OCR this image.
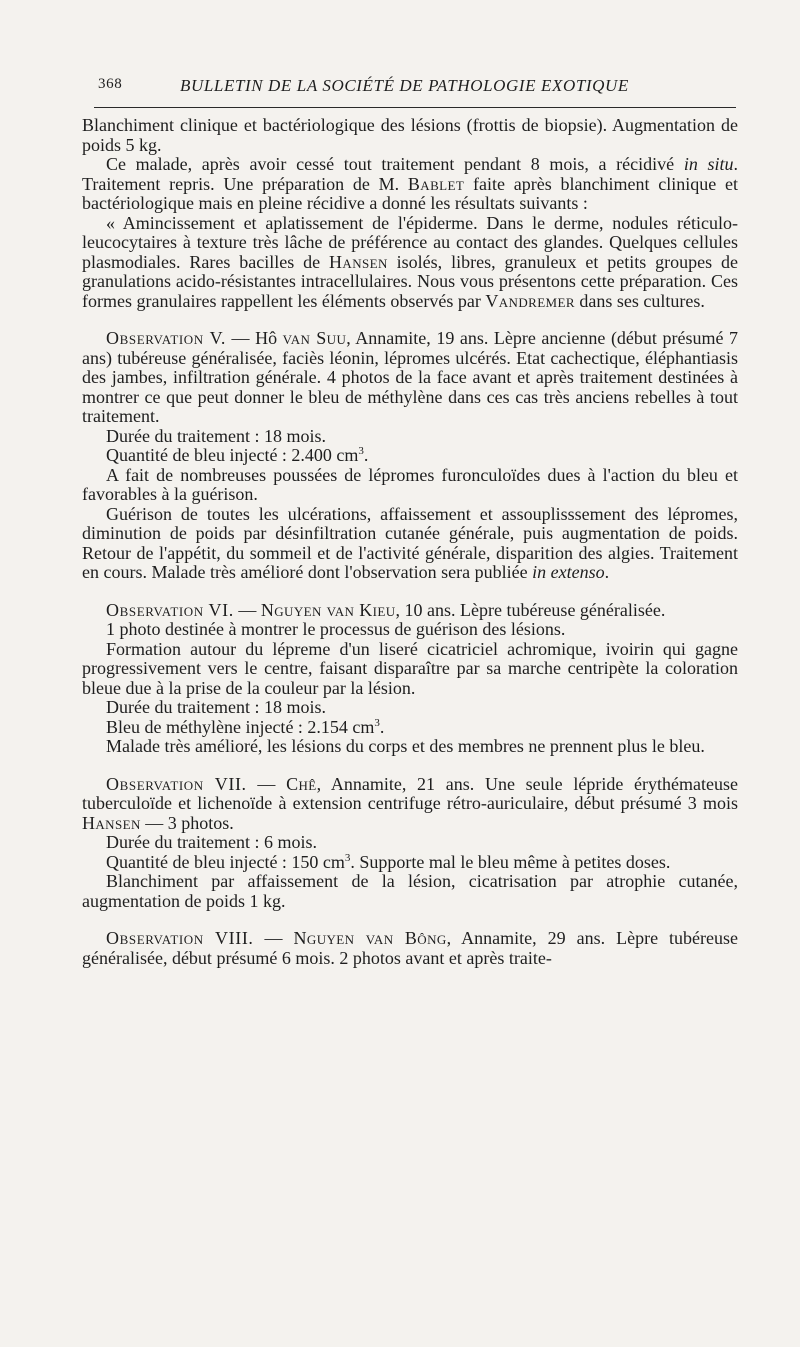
368	BULLETIN DE LA SOCIÉTÉ DE PATHOLOGIE EXOTIQUE

Blanchiment clinique et bactériologique des lésions (frottis de biopsie). Augmentation de poids 5 kg.

Ce malade, après avoir cessé tout traitement pendant 8 mois, a récidivé in situ. Traitement repris. Une préparation de M. Bablet faite après blanchiment clinique et bactériologique mais en pleine récidive a donné les résultats suivants :

« Amincissement et aplatissement de l'épiderme. Dans le derme, nodules réticulo-leucocytaires à texture très lâche de préférence au contact des glandes. Quelques cellules plasmodiales. Rares bacilles de Hansen isolés, libres, granuleux et petits groupes de granulations acido-résistantes intracellulaires. Nous vous présentons cette préparation. Ces formes granulaires rappellent les éléments observés par Vandremer dans ses cultures.

Observation V. — Hô van Suu, Annamite, 19 ans. Lèpre ancienne (début présumé 7 ans) tubéreuse généralisée, faciès léonin, lépromes ulcérés. Etat cachectique, éléphantiasis des jambes, infiltration générale. 4 photos de la face avant et après traitement destinées à montrer ce que peut donner le bleu de méthylène dans ces cas très anciens rebelles à tout traitement.

Durée du traitement : 18 mois.

Quantité de bleu injecté : 2.400 $cm^3$.

A fait de nombreuses poussées de lépromes furonculoïdes dues à l'action du bleu et favorables à la guérison.

Guérison de toutes les ulcérations, affaissement et assouplisssement des lépromes, diminution de poids par désinfiltration cutanée générale, puis augmentation de poids. Retour de l'appétit, du sommeil et de l'activité générale, disparition des algies. Traitement en cours. Malade très amélioré dont l'observation sera publiée in extenso.

Observation VI. — Nguyen van Kieu, 10 ans. Lèpre tubéreuse généralisée.

1 photo destinée à montrer le processus de guérison des lésions.

Formation autour du lépreme d'un liseré cicatriciel achromique, ivoirin qui gagne progressivement vers le centre, faisant disparaître par sa marche centripète la coloration bleue due à la prise de la couleur par la lésion.

Durée du traitement : 18 mois.

Bleu de méthylène injecté : 2.154 $cm^3$.

Malade très amélioré, les lésions du corps et des membres ne prennent plus le bleu.

Observation VII. — Chê, Annamite, 21 ans. Une seule lépride érythémateuse tuberculoïde et lichenoïde à extension centrifuge rétro-auriculaire, début présumé 3 mois Hansen — 3 photos.

Durée du traitement : 6 mois.

Quantité de bleu injecté : 150 $cm^3$. Supporte mal le bleu même à petites doses.

Blanchiment par affaissement de la lésion, cicatrisation par atrophie cutanée, augmentation de poids 1 kg.

Observation VIII. — Nguyen van Bông, Annamite, 29 ans. Lèpre tubéreuse généralisée, début présumé 6 mois. 2 photos avant et après traite-
